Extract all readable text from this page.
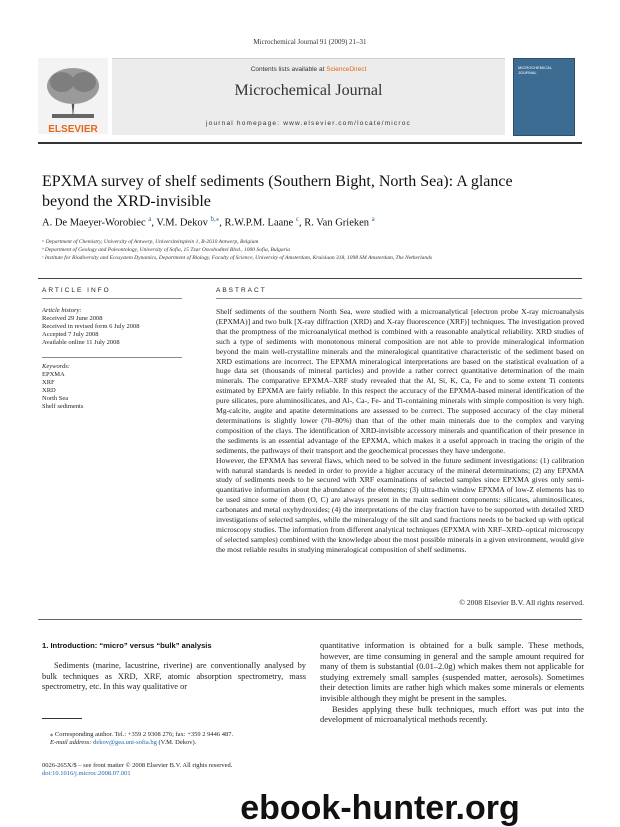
Microchemical Journal 91 (2009) 21–31
ELSEVIER
Contents lists available at ScienceDirect
Microchemical Journal
journal homepage: www.elsevier.com/locate/microc
MICROCHEMICAL JOURNAL
EPXMA survey of shelf sediments (Southern Bight, North Sea): A glance
beyond the XRD-invisible
A. De Maeyer-Worobiec $^a$, V.M. Dekov $^{b,⁎}$, R.W.P.M. Laane $^c$, R. Van Grieken $^a$
ᵃ Department of Chemistry, University of Antwerp, Universiteitsplein 1, B-2610 Antwerp, Belgium
ᵇ Department of Geology and Paleontology, University of Sofia, 15 Tzar Osvoboditel Blvd., 1000 Sofia, Bulgaria
ᶜ Institute for Biodiversity and Ecosystem Dynamics, Department of Biology, Faculty of Science, University of Amsterdam, Kruislaan 318, 1098 SM Amsterdam, The Netherlands
ARTICLE INFO
Article history:
Received 29 June 2008
Received in revised form 6 July 2008
Accepted 7 July 2008
Available online 11 July 2008
Keywords:
EPXMA
XRF
XRD
North Sea
Shelf sediments
ABSTRACT

Shelf sediments of the southern North Sea, were studied with a microanalytical [electron probe X-ray microanalysis (EPXMA)] and two bulk [X-ray diffraction (XRD) and X-ray fluorescence (XRF)] techniques. The investigation proved that the promptness of the microanalytical method is combined with a reasonable analytical reliability. XRD studies of such a type of sediments with monotonous mineral composition are not able to provide mineralogical information beyond the main well-crystalline minerals and the mineralogical quantitative characteristic of the sediment based on XRD estimations are incorrect. The EPXMA mineralogical interpretations are based on the statistical evaluation of a huge data set (thousands of mineral particles) and provide a rather correct quantitative determination of the main minerals. The comparative EPXMA–XRF study revealed that the Al, Si, K, Ca, Fe and to some extent Ti contents estimated by EPXMA are fairly reliable. In this respect the accuracy of the EPXMA-based mineral identification of the pure silicates, pure aluminosilicates, and Al-, Ca-, Fe- and Ti-containing minerals with simple composition is very high. Mg-calcite, augite and apatite determinations are assessed to be correct. The supposed accuracy of the clay mineral determinations is slightly lower (70–80%) than that of the other main minerals due to the complex and varying composition of the clays. The identification of XRD-invisible accessory minerals and quantification of their presence in the sediments is an essential advantage of the EPXMA, which makes it a useful approach in tracing the origin of the sediments, the pathways of their transport and the geochemical processes they have undergone.

However, the EPXMA has several flaws, which need to be solved in the future sediment investigations: (1) calibration with natural standards is needed in order to provide a higher accuracy of the mineral determinations; (2) any EPXMA study of sediments needs to be secured with XRF examinations of selected samples since EPXMA gives only semi-quantitative information about the abundance of the elements; (3) ultra-thin window EPXMA of low-Z elements has to be used since some of them (O, C) are always present in the main sediment components: silicates, aluminosilicates, carbonates and metal oxyhydroxides; (4) the interpretations of the clay fraction have to be supported with detailed XRD investigations of selected samples, while the mineralogy of the silt and sand fractions needs to be backed up with optical microscopy studies. The information from different analytical techniques (EPXMA with XRF–XRD–optical microscopy of selected samples) combined with the knowledge about the most possible minerals in a given environment, would give the most reliable results in studying mineralogical composition of shelf sediments.

© 2008 Elsevier B.V. All rights reserved.
1. Introduction: “micro” versus “bulk” analysis

Sediments (marine, lacustrine, riverine) are conventionally analysed by bulk techniques as XRD, XRF, atomic absorption spectrometry, mass spectrometry, etc. In this way qualitative or

quantitative information is obtained for a bulk sample. These methods, however, are time consuming in general and the sample amount required for many of them is substantial (0.01–2.0g) which makes them not applicable for studying extremely small samples (suspended matter, aerosols). Sometimes their detection limits are rather high which makes some minerals or elements invisible although they might be present in the samples.

Besides applying these bulk techniques, much effort was put into the development of microanalytical methods recently.

⁎ Corresponding author. Tel.: +359 2 9308 276; fax: +359 2 9446 487.
E-mail address: dekov@gea.uni-sofia.bg (V.M. Dekov).
0026-265X/$ – see front matter © 2008 Elsevier B.V. All rights reserved.
doi:10.1016/j.microc.2008.07.001
ebook-hunter.org
